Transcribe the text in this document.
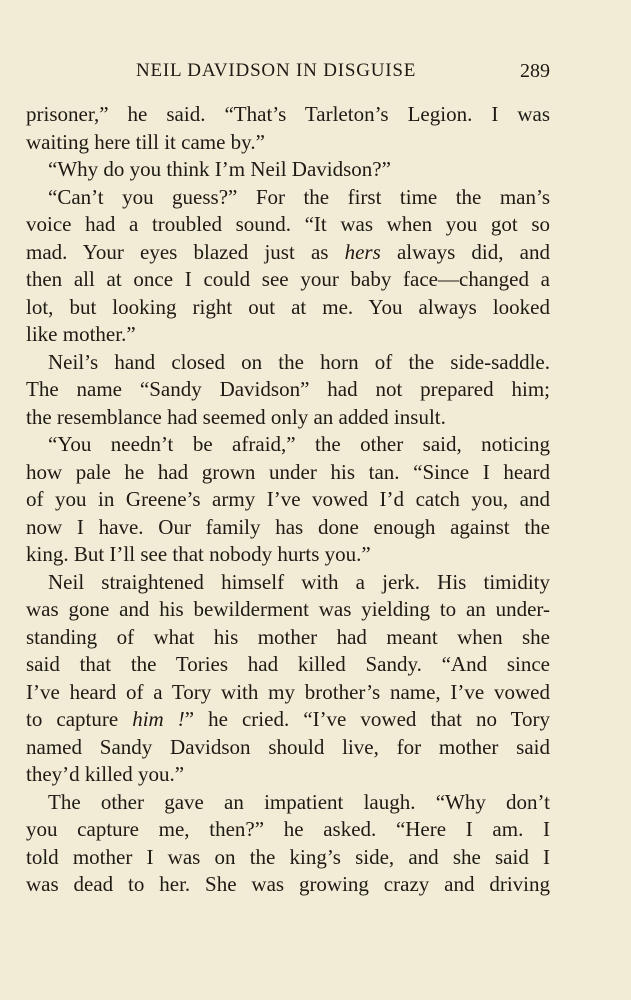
NEIL DAVIDSON IN DISGUISE	289
prisoner,” he said. “That’s Tarleton’s Legion. I was
waiting here till it came by.”
“Why do you think I’m Neil Davidson?”
“Can’t you guess?” For the first time the man’s
voice had a troubled sound. “It was when you got so
mad. Your eyes blazed just as hers always did, and
then all at once I could see your baby face—changed a
lot, but looking right out at me. You always looked
like mother.”
Neil’s hand closed on the horn of the side-saddle.
The name “Sandy Davidson” had not prepared him;
the resemblance had seemed only an added insult.
“You needn’t be afraid,” the other said, noticing
how pale he had grown under his tan. “Since I heard
of you in Greene’s army I’ve vowed I’d catch you, and
now I have. Our family has done enough against the
king. But I’ll see that nobody hurts you.”
Neil straightened himself with a jerk. His timidity
was gone and his bewilderment was yielding to an under-
standing of what his mother had meant when she
said that the Tories had killed Sandy. “And since
I’ve heard of a Tory with my brother’s name, I’ve vowed
to capture him !” he cried. “I’ve vowed that no Tory
named Sandy Davidson should live, for mother said
they’d killed you.”
The other gave an impatient laugh. “Why don’t
you capture me, then?” he asked. “Here I am. I
told mother I was on the king’s side, and she said I
was dead to her. She was growing crazy and driving
